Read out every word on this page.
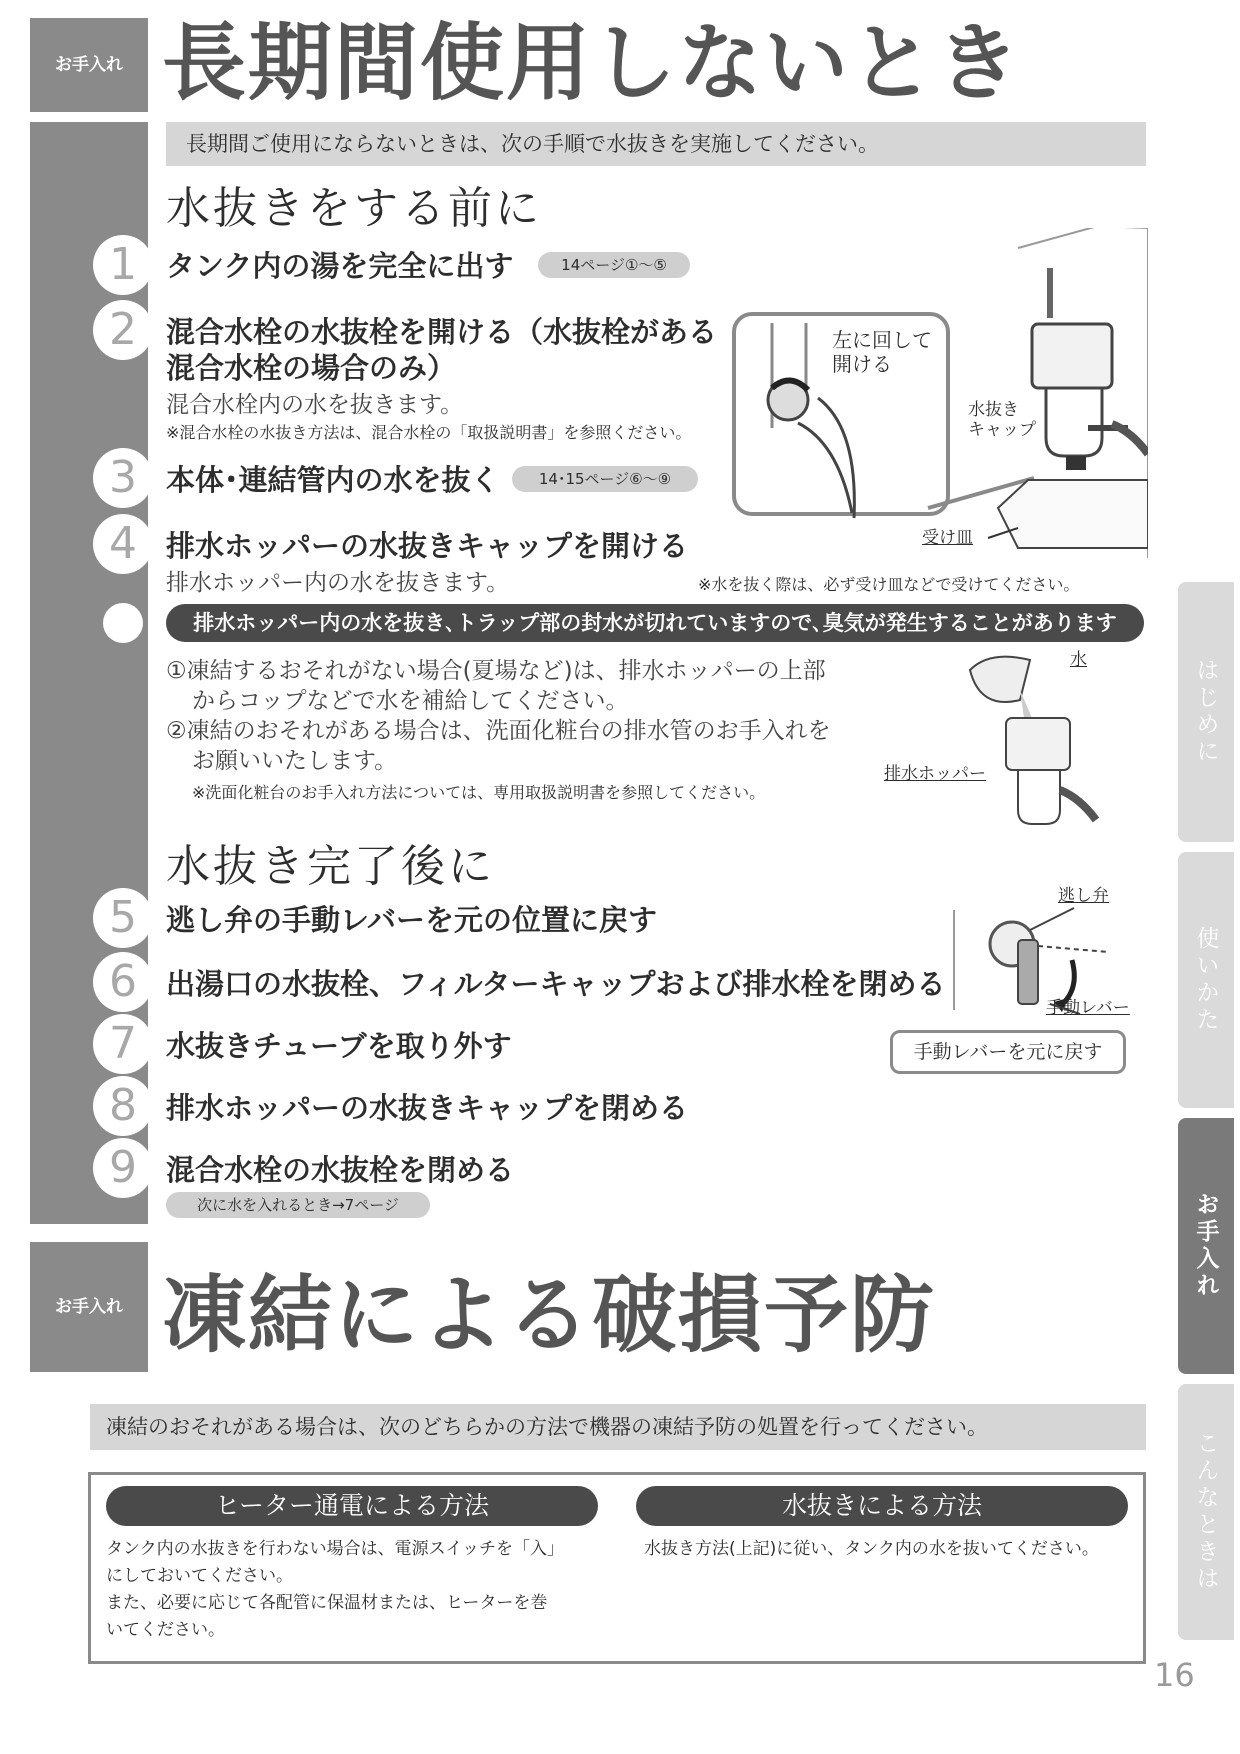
お手入れ 長期間使用しないとき
長期間ご使用にならないときは、次の手順で水抜きを実施してください。
水抜きをする前に
1	タンク内の湯を完全に出す	14ページ①〜⑤
2	混合水栓の水抜栓を開ける（水抜栓がある
混合水栓の場合のみ）
混合水栓内の水を抜きます。
※混合水栓の水抜き方法は、混合水栓の「取扱説明書」を参照ください。
3	本体･連結管内の水を抜く	14･15ページ⑥〜⑨
4	排水ホッパーの水抜きキャップを開ける
排水ホッパー内の水を抜きます。	※水を抜く際は、必ず受け皿などで受けてください。
左に回して
開ける
水抜き
キャップ
受け皿
排水ホッパー内の水を抜き､トラップ部の封水が切れていますので､臭気が発生することがあります
①凍結するおそれがない場合(夏場など)は、排水ホッパーの上部
からコップなどで水を補給してください。
②凍結のおそれがある場合は、洗面化粧台の排水管のお手入れを
お願いいたします。
※洗面化粧台のお手入れ方法については、専用取扱説明書を参照してください。
水
排水ホッパー
水抜き完了後に
5	逃し弁の手動レバーを元の位置に戻す
6	出湯口の水抜栓、フィルターキャップおよび排水栓を閉める
7	水抜きチューブを取り外す
8	排水ホッパーの水抜きキャップを閉める
9	混合水栓の水抜栓を閉める
次に水を入れるとき→7ページ
逃し弁
手動レバー
手動レバーを元に戻す
お手入れ 凍結による破損予防
凍結のおそれがある場合は、次のどちらかの方法で機器の凍結予防の処置を行ってください。
ヒーター通電による方法
タンク内の水抜きを行わない場合は、電源スイッチを「入」
にしておいてください。
また、必要に応じて各配管に保温材または、ヒーターを巻
いてください。
水抜きによる方法
水抜き方法(上記)に従い、タンク内の水を抜いてください。
はじめに
使いかた
お手入れ
こんなときは
16
